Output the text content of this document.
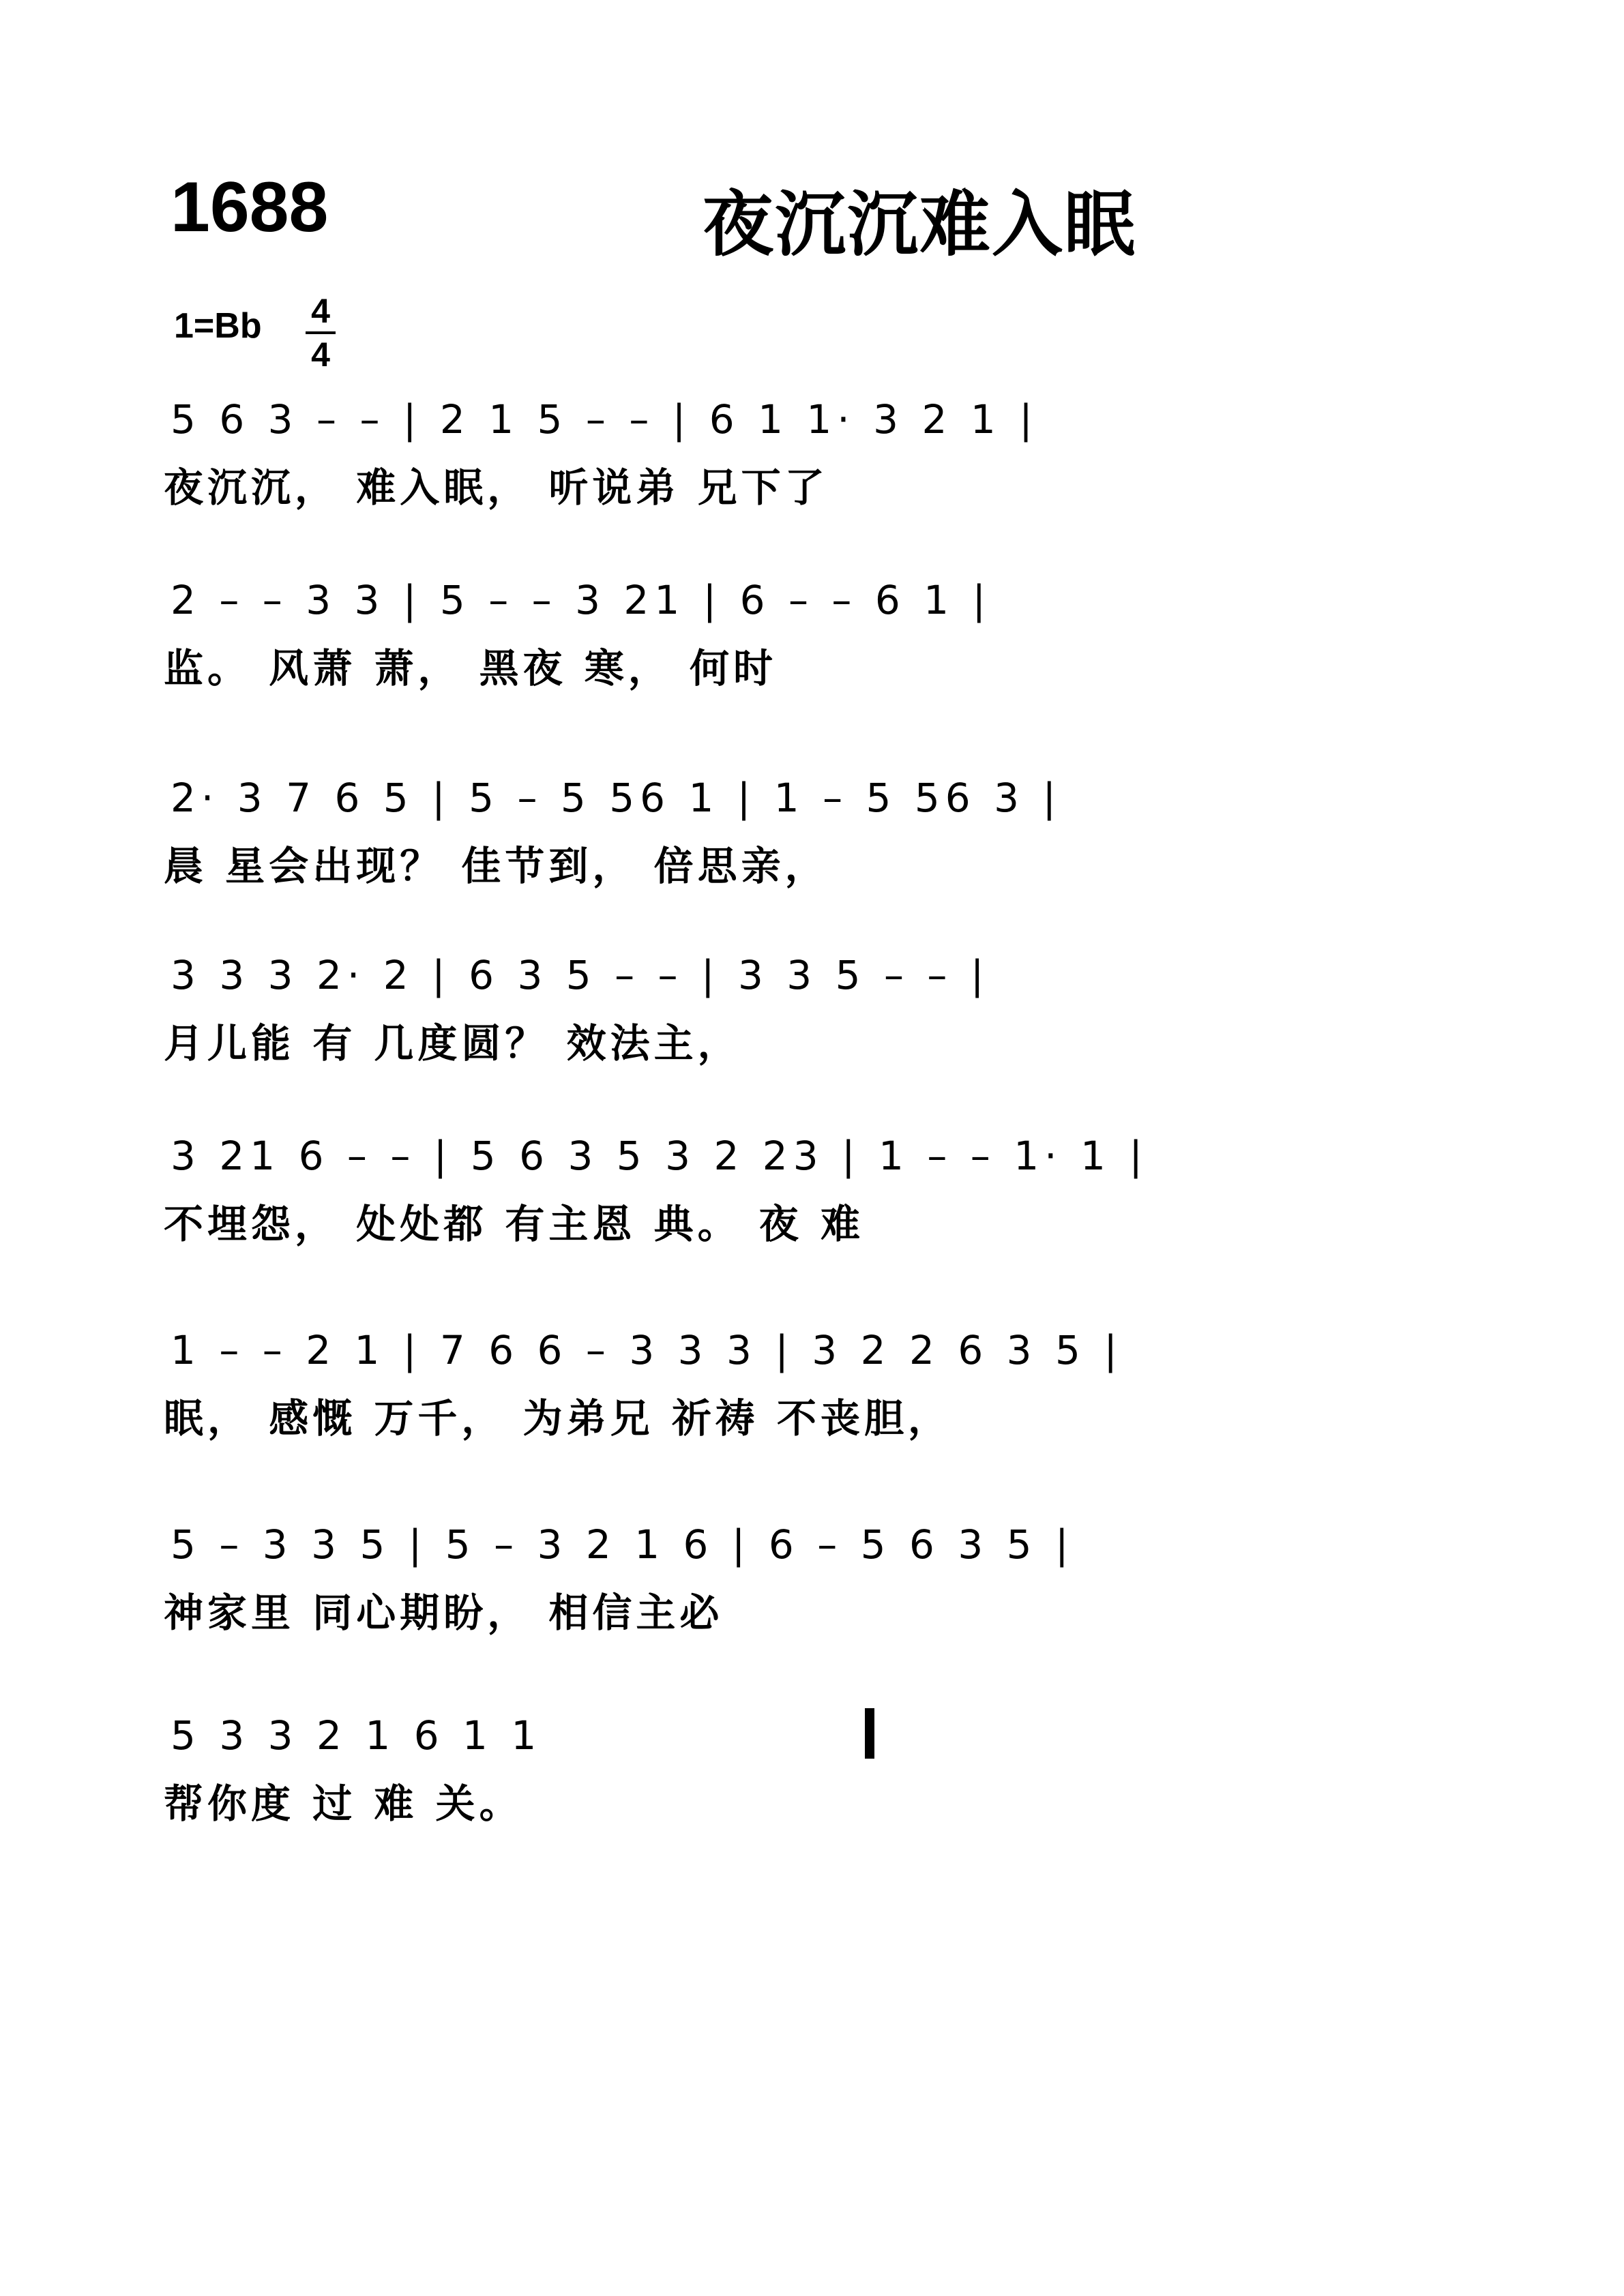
1688	夜沉沉难入眠
1=Bb 4
4
5 6 3 – – | 2 1 5 – – | 6 1 1· 3 2 1 |
夜沉沉， 难入眠， 听说弟 兄下了
2 – – 3 3 | 5 – – 3 21 | 6 – – 6 1 |
监。 风萧 萧， 黑夜 寒， 何时
2· 3 7 6 5 | 5 – 5 56 1 | 1 – 5 56 3 |
晨 星会出现？ 佳节到， 倍思亲，
3 3 3 2· 2 | 6 3 5 – – | 3 3 5 – – |
月儿能 有 几度圆？ 效法主，
3 21 6 – – | 5 6 3 5 3 2 23 | 1 – – 1· 1 |
不埋怨， 处处都 有主恩 典。 夜 难
1 – – 2 1 | 7 6 6 – 3 3 3 | 3 2 2 6 3 5 |
眠， 感慨 万千， 为弟兄 祈祷 不丧胆，
5 – 3 3 5 | 5 – 3 2 1 6 | 6 – 5 6 3 5 |
神家里 同心期盼， 相信主必
5 3 3 2 1 6 1 1
帮你度 过 难 关。
